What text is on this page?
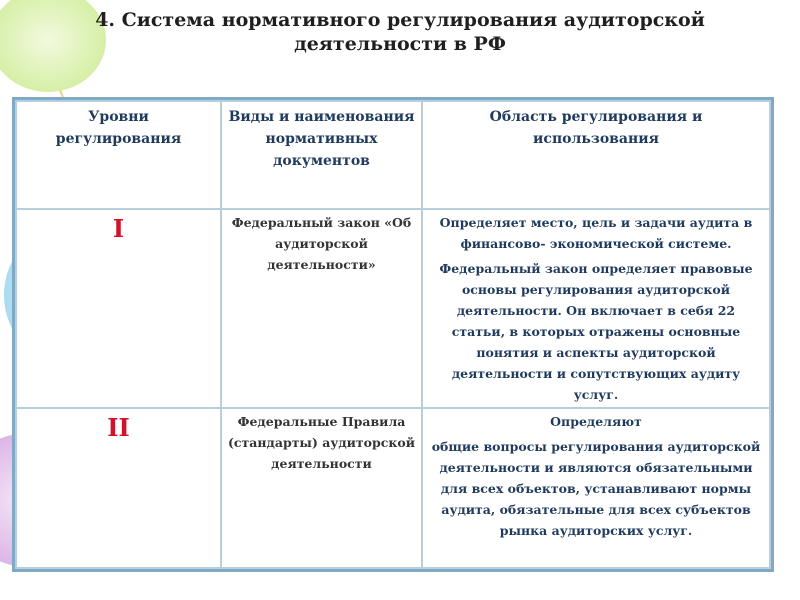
4. Система нормативного регулирования аудиторской
деятельности в РФ
Уровни регулирования	Виды и наименования нормативных документов	Область регулирования и использования
I	Федеральный закон «Об аудиторской деятельности»	Определяет место, цель и задачи аудита в финансово- экономической системе.

Федеральный закон определяет правовые основы регулирования аудиторской деятельности. Он включает в себя 22 статьи, в которых отражены основные понятия и аспекты аудиторской деятельности и сопутствующих аудиту услуг.

II	Федеральные Правила (стандарты) аудиторской деятельности	Определяют

общие вопросы регулирования аудиторской деятельности и являются обязательными для всех объектов, устанавливают нормы аудита, обязательные для всех субъектов рынка аудиторских услуг.
